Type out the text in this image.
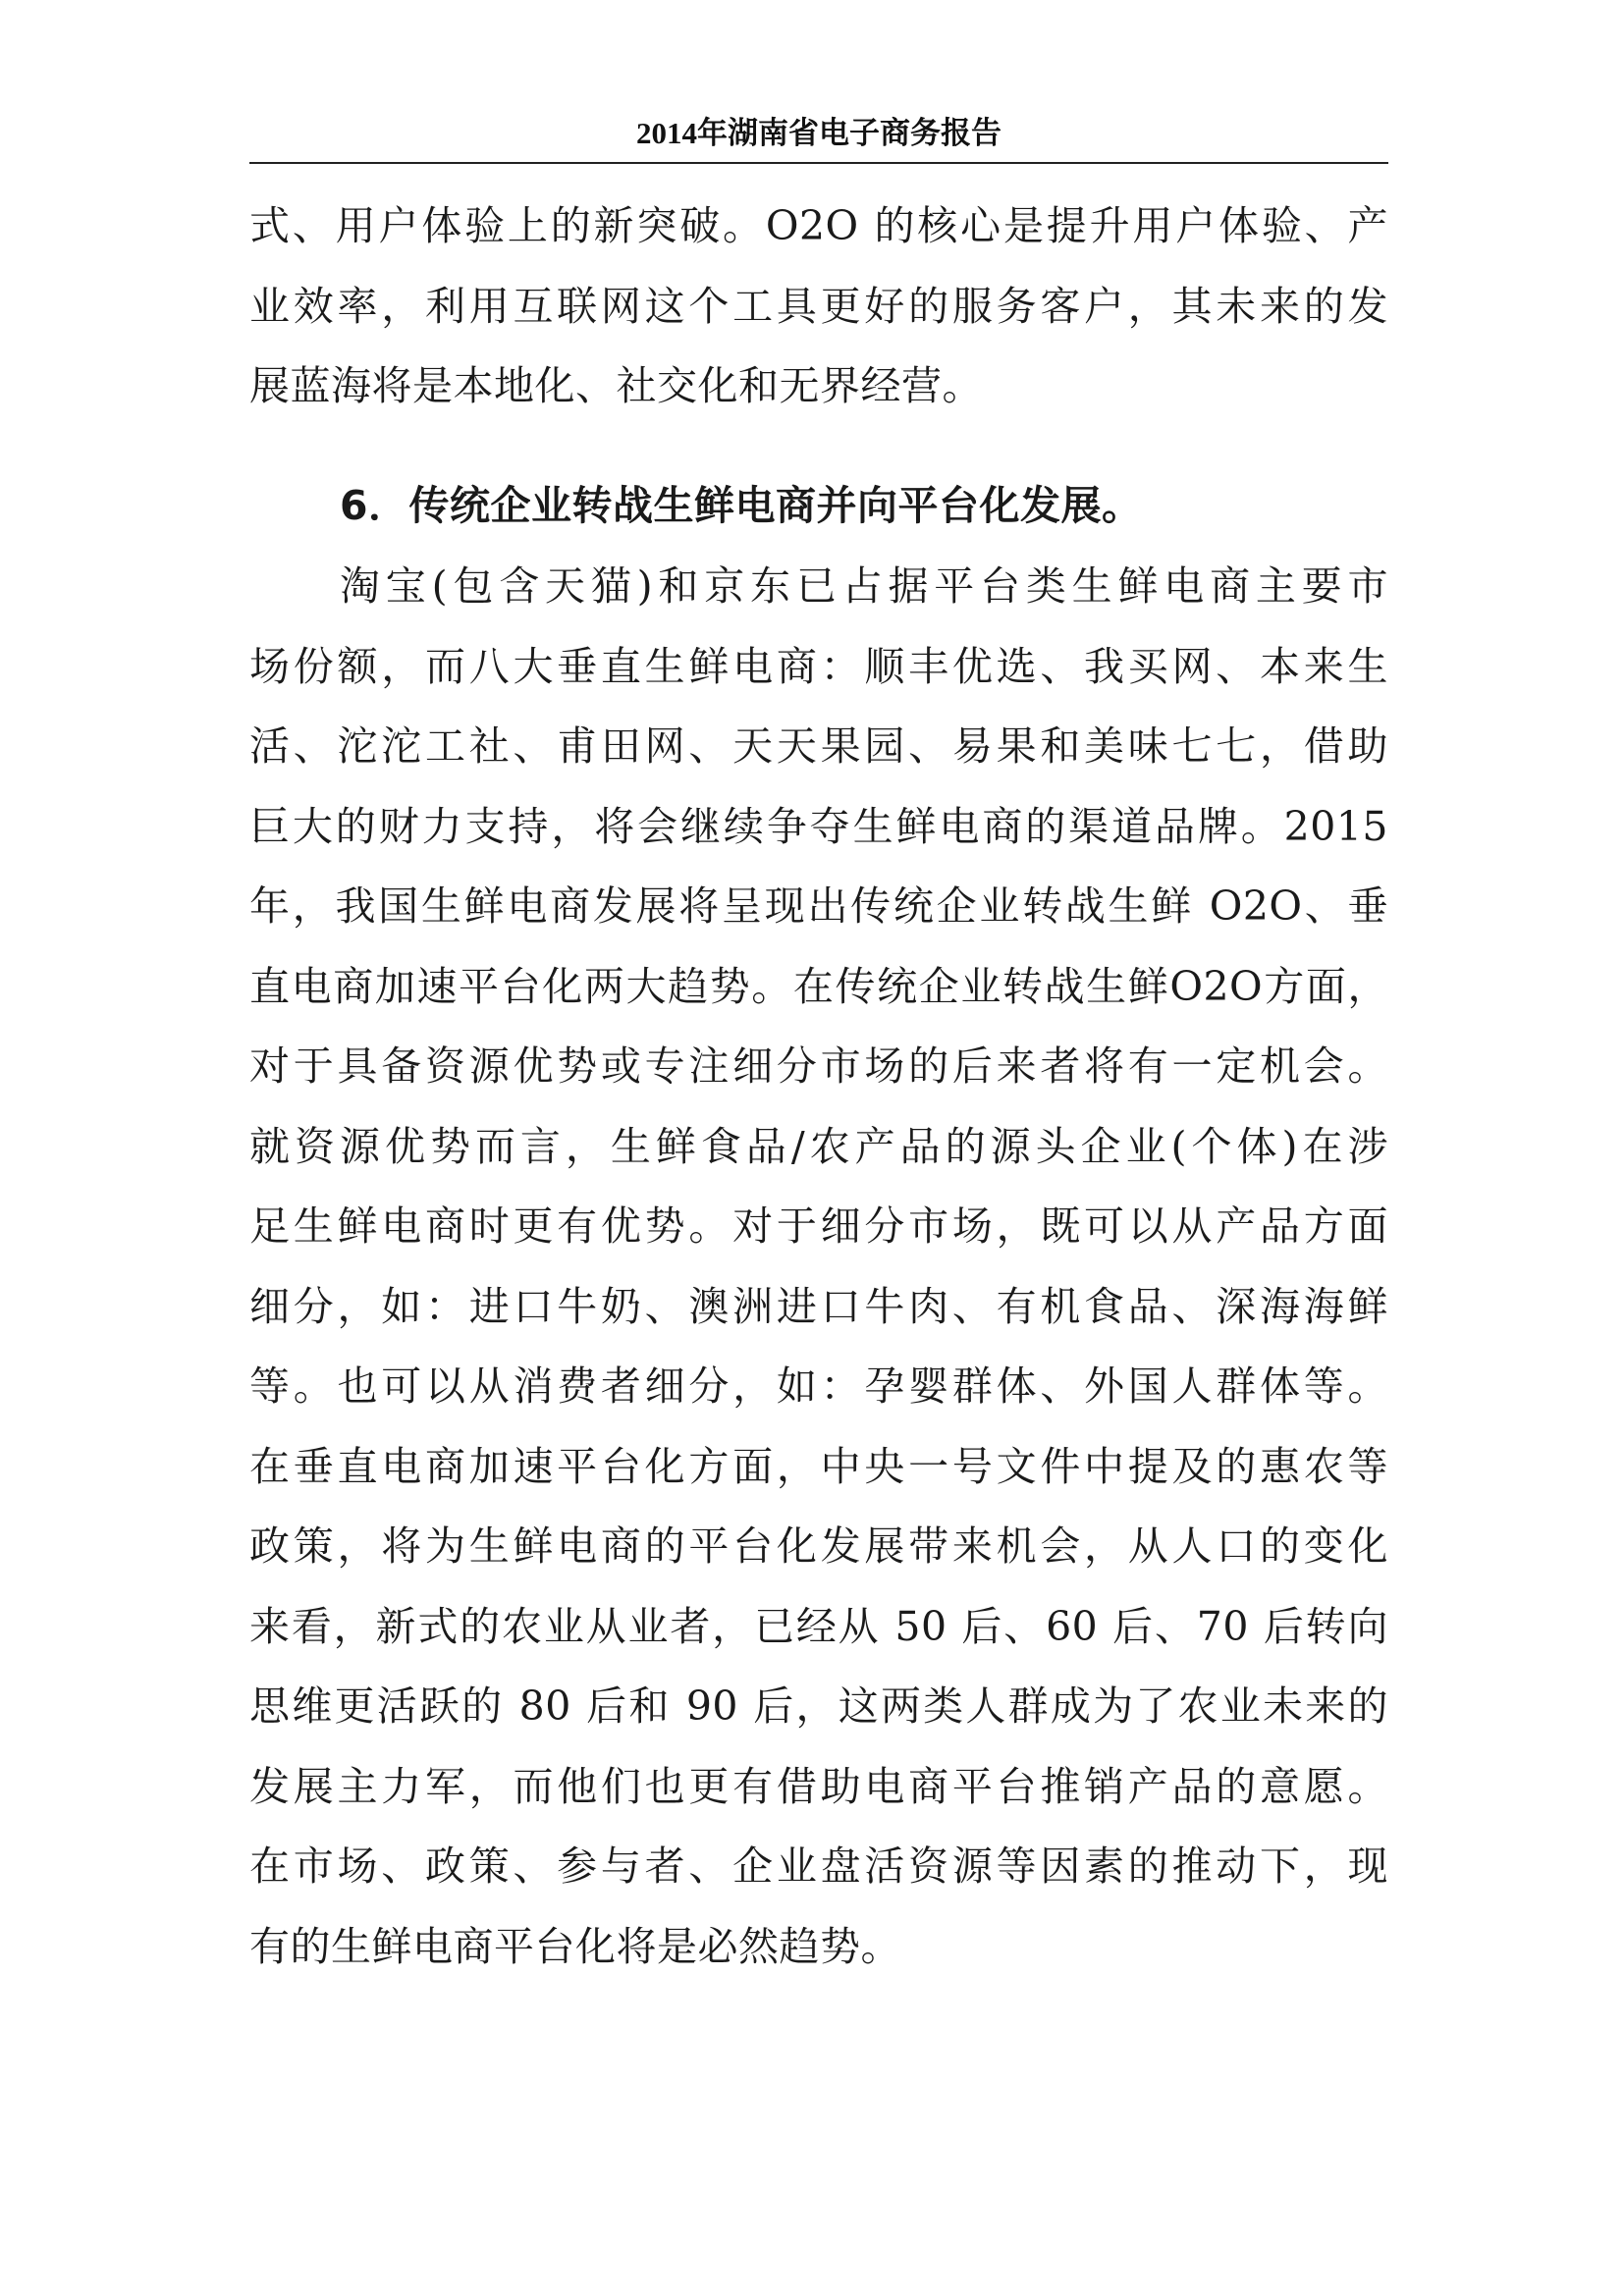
2014年湖南省电子商务报告
式、用户体验上的新突破。O2O 的核心是提升用户体验、产
业效率，利用互联网这个工具更好的服务客户，其未来的发
展蓝海将是本地化、社交化和无界经营。
6．传统企业转战生鲜电商并向平台化发展。
淘宝(包含天猫)和京东已占据平台类生鲜电商主要市
场份额，而八大垂直生鲜电商：顺丰优选、我买网、本来生
活、沱沱工社、甫田网、天天果园、易果和美味七七，借助
巨大的财力支持，将会继续争夺生鲜电商的渠道品牌。2015
年，我国生鲜电商发展将呈现出传统企业转战生鲜 O2O、垂
直电商加速平台化两大趋势。在传统企业转战生鲜O2O方面，
对于具备资源优势或专注细分市场的后来者将有一定机会。
就资源优势而言，生鲜食品/农产品的源头企业(个体)在涉
足生鲜电商时更有优势。对于细分市场，既可以从产品方面
细分，如：进口牛奶、澳洲进口牛肉、有机食品、深海海鲜
等。也可以从消费者细分，如：孕婴群体、外国人群体等。
在垂直电商加速平台化方面，中央一号文件中提及的惠农等
政策，将为生鲜电商的平台化发展带来机会，从人口的变化
来看，新式的农业从业者，已经从 50 后、60 后、70 后转向
思维更活跃的 80 后和 90 后，这两类人群成为了农业未来的
发展主力军，而他们也更有借助电商平台推销产品的意愿。
在市场、政策、参与者、企业盘活资源等因素的推动下，现
有的生鲜电商平台化将是必然趋势。
